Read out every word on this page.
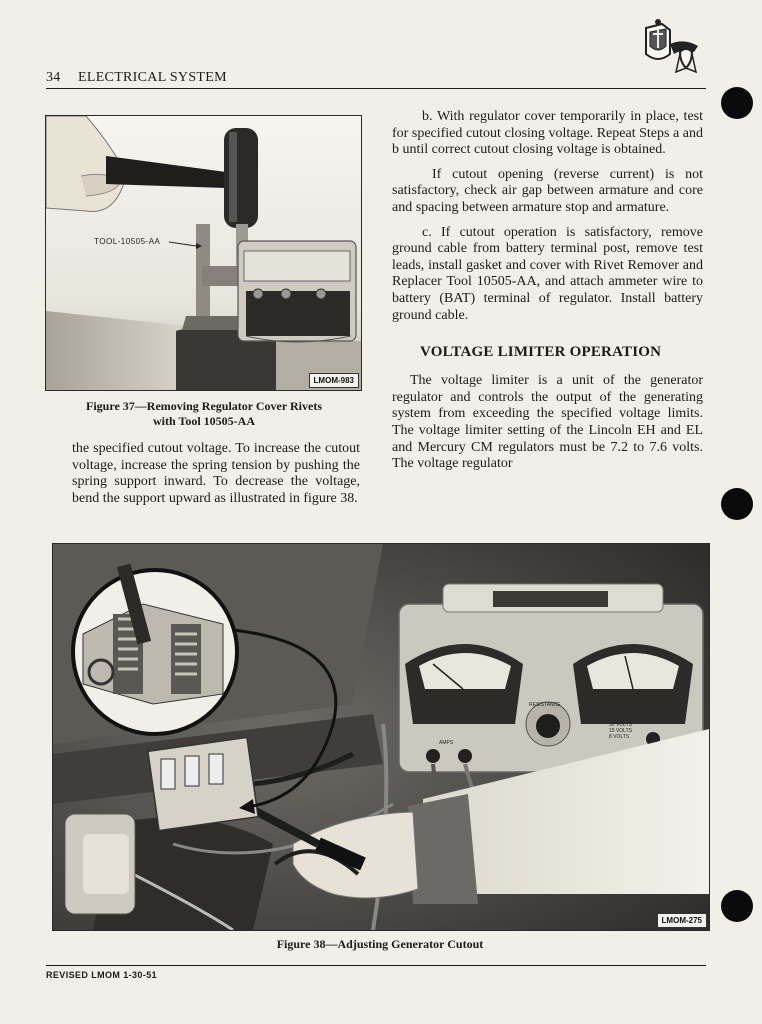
34 ELECTRICAL SYSTEM
TOOL-10505-AA
LMOM-983
Figure 37—Removing Regulator Cover Rivets
with Tool 10505-AA

the specified cutout voltage. To increase the cutout voltage, increase the spring tension by pushing the spring support inward. To decrease the voltage, bend the support upward as illustrated in figure 38.

b. With regulator cover temporarily in place, test for specified cutout closing voltage. Repeat Steps a and b until correct cutout closing voltage is obtained.

If cutout opening (reverse current) is not satisfactory, check air gap between armature and core and spacing between armature stop and armature.

c. If cutout operation is satisfactory, remove ground cable from battery terminal post, remove test leads, install gasket and cover with Rivet Remover and Replacer Tool 10505-AA, and attach ammeter wire to battery (BAT) terminal of regulator. Install battery ground cable.

VOLTAGE LIMITER OPERATION

The voltage limiter is a unit of the generator regulator and controls the output of the generating system from exceeding the specified voltage limits. The voltage limiter setting of the Lincoln EH and EL and Mercury CM regulators must be 7.2 to 7.6 volts. The voltage regulator

AMPERES	VOLTS
RESISTANCE
AMPS
30 VOLTS
15 VOLTS
8 VOLTS
LMOM-275
Figure 38—Adjusting Generator Cutout
REVISED LMOM 1-30-51
